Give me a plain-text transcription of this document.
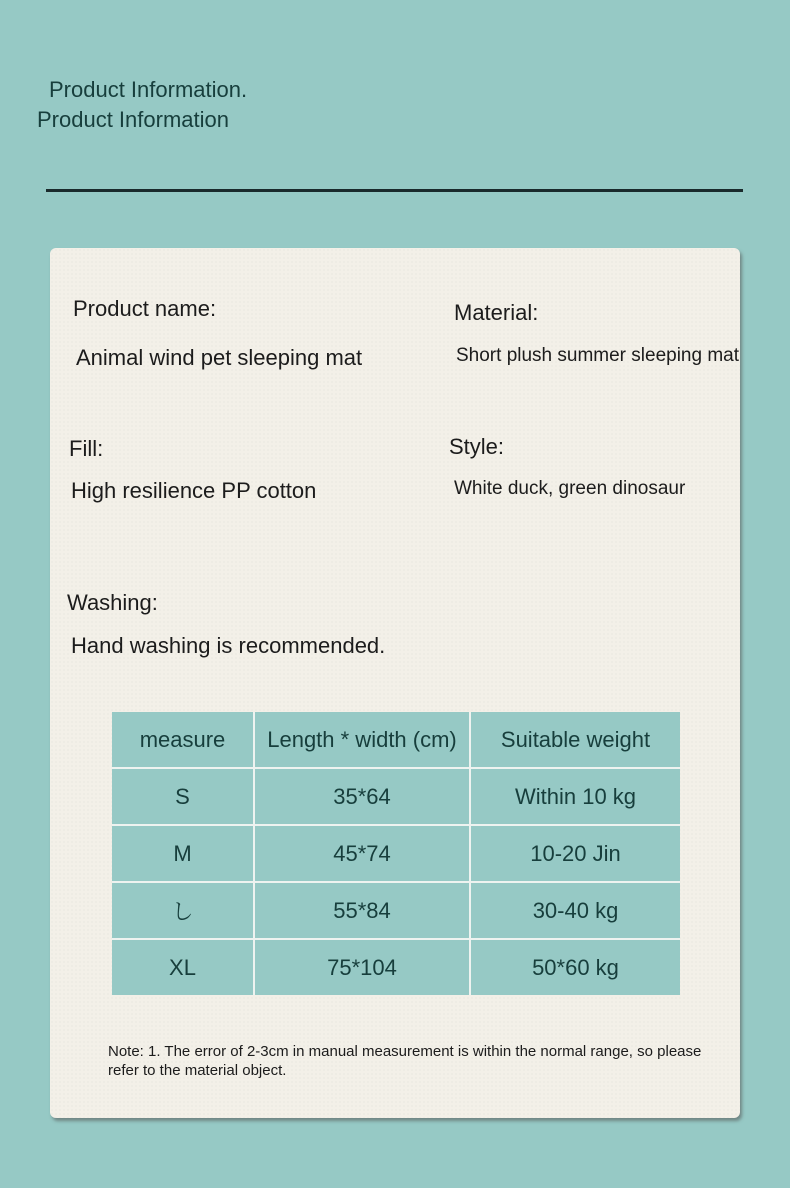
Product Information.
Product Information
Product name:
Animal wind pet sleeping mat
Material:
Short plush summer sleeping mat
Fill:
High resilience PP cotton
Style:
White duck, green dinosaur
Washing:
Hand washing is recommended.
measure	Length * width (cm)	Suitable weight
S	35*64	Within 10 kg
M	45*74	10-20 Jin
し	55*84	30-40 kg
XL	75*104	50*60 kg
Note: 1. The error of 2-3cm in manual measurement is within the normal range, so please refer to the material object.
